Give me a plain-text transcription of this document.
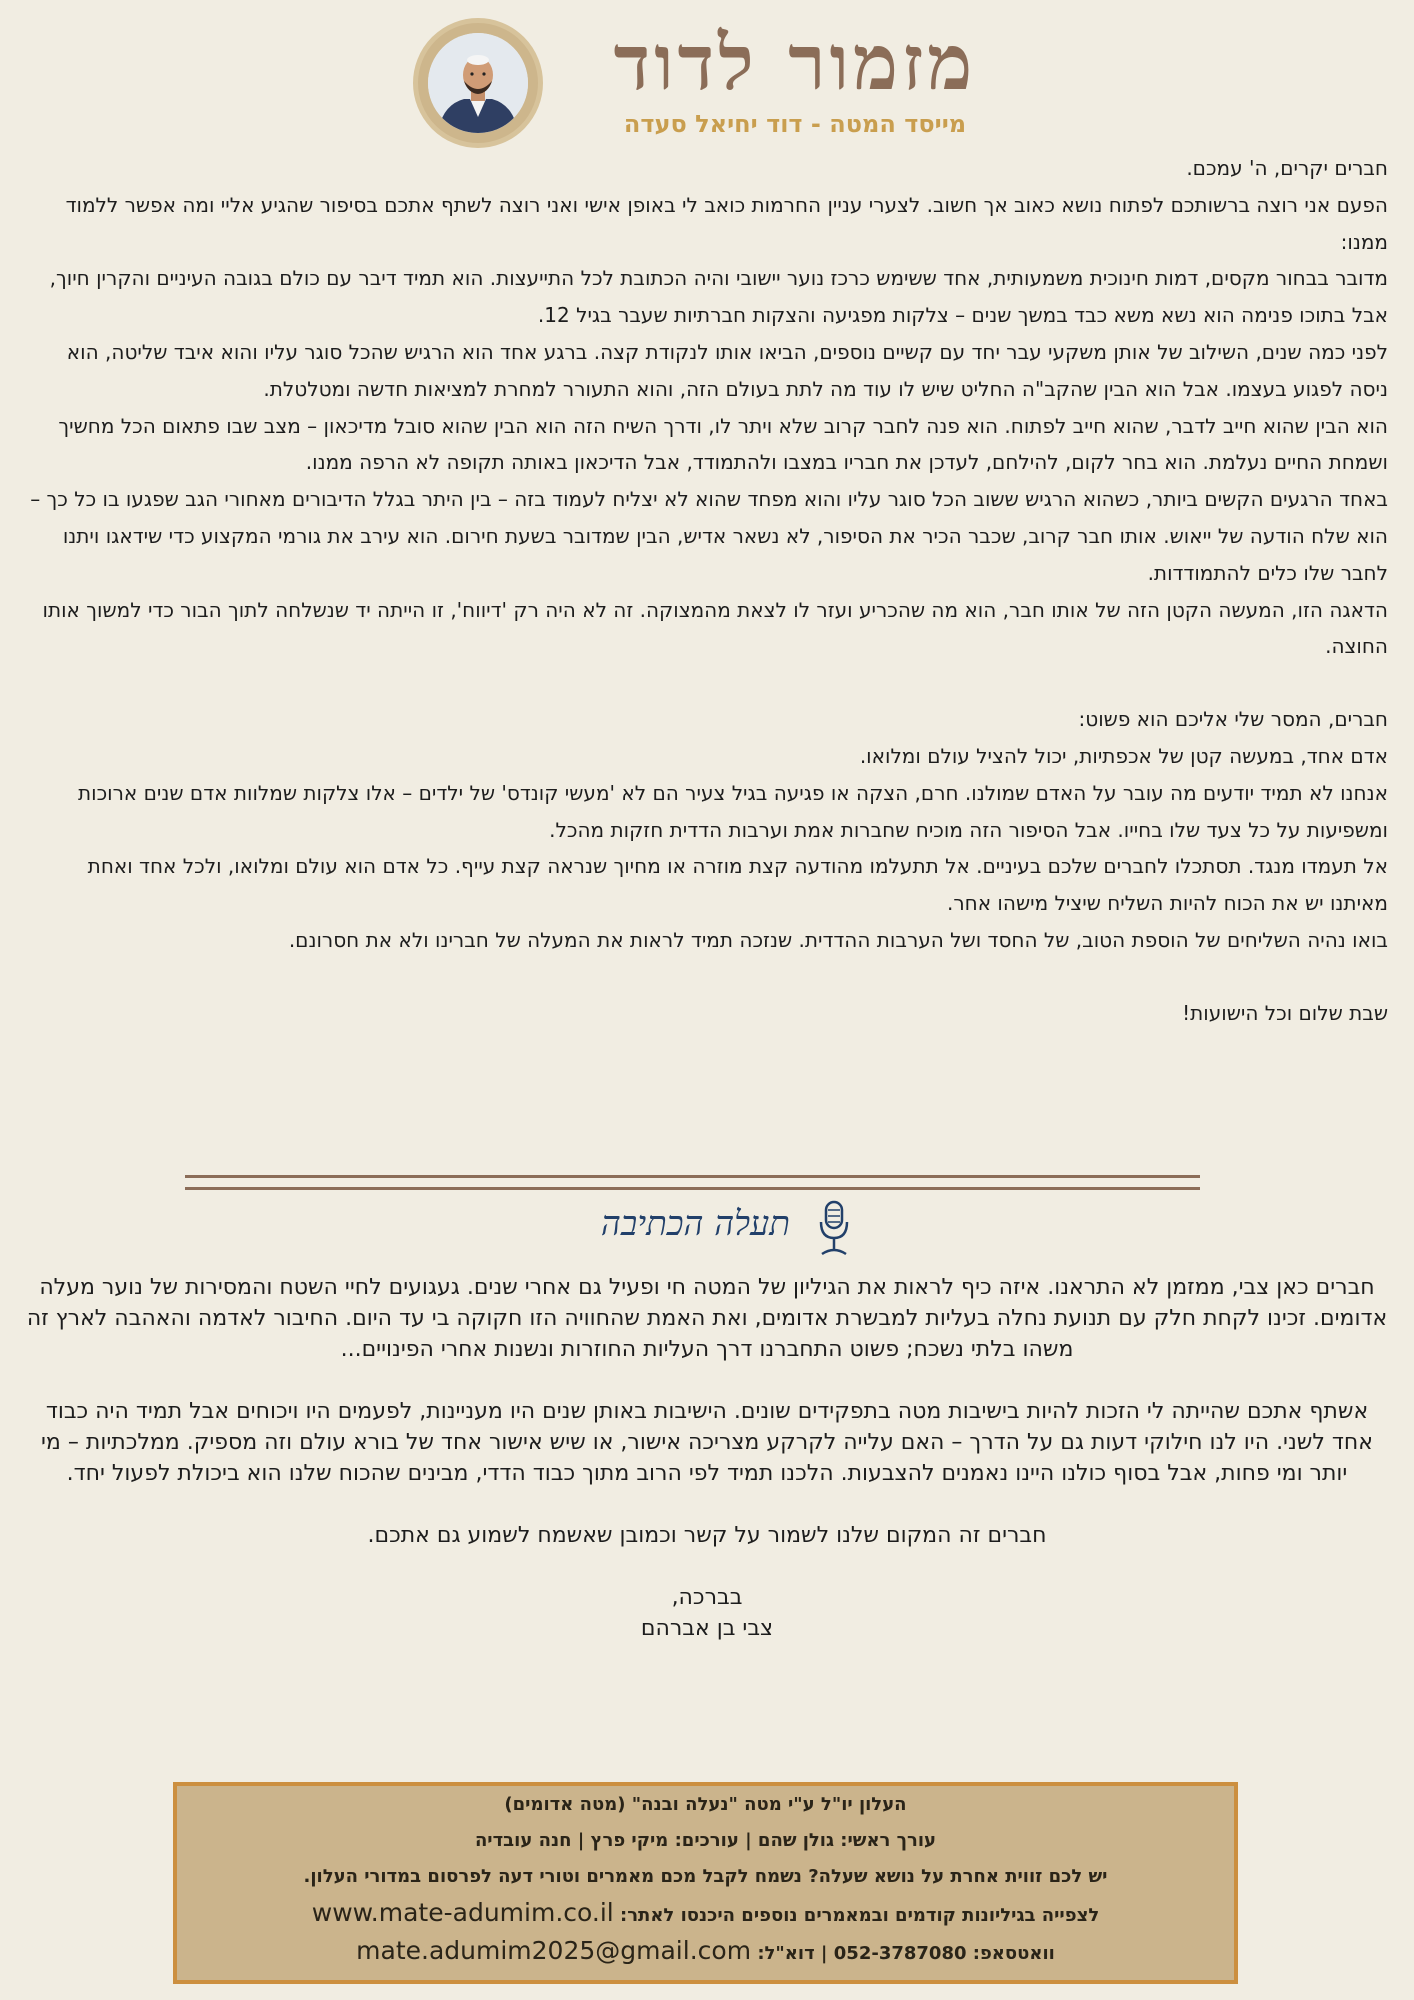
מזמור לדוד
מייסד המטה - דוד יחיאל סעדה

חברים יקרים, ה' עמכם.

הפעם אני רוצה ברשותכם לפתוח נושא כאוב אך חשוב. לצערי עניין החרמות כואב לי באופן אישי ואני רוצה לשתף אתכם בסיפור שהגיע אליי ומה אפשר ללמוד ממנו:

מדובר בבחור מקסים, דמות חינוכית משמעותית, אחד ששימש כרכז נוער יישובי והיה הכתובת לכל התייעצות. הוא תמיד דיבר עם כולם בגובה העיניים והקרין חיוך, אבל בתוכו פנימה הוא נשא משא כבד במשך שנים – צלקות מפגיעה והצקות חברתיות שעבר בגיל 12.

לפני כמה שנים, השילוב של אותן משקעי עבר יחד עם קשיים נוספים, הביאו אותו לנקודת קצה. ברגע אחד הוא הרגיש שהכל סוגר עליו והוא איבד שליטה, הוא ניסה לפגוע בעצמו. אבל הוא הבין שהקב"ה החליט שיש לו עוד מה לתת בעולם הזה, והוא התעורר למחרת למציאות חדשה ומטלטלת.

הוא הבין שהוא חייב לדבר, שהוא חייב לפתוח. הוא פנה לחבר קרוב שלא ויתר לו, ודרך השיח הזה הוא הבין שהוא סובל מדיכאון – מצב שבו פתאום הכל מחשיך ושמחת החיים נעלמת. הוא בחר לקום, להילחם, לעדכן את חבריו במצבו ולהתמודד, אבל הדיכאון באותה תקופה לא הרפה ממנו.

באחד הרגעים הקשים ביותר, כשהוא הרגיש ששוב הכל סוגר עליו והוא מפחד שהוא לא יצליח לעמוד בזה – בין היתר בגלל הדיבורים מאחורי הגב שפגעו בו כל כך – הוא שלח הודעה של ייאוש. אותו חבר קרוב, שכבר הכיר את הסיפור, לא נשאר אדיש, הבין שמדובר בשעת חירום. הוא עירב את גורמי המקצוע כדי שידאגו ויתנו לחבר שלו כלים להתמודדות.

הדאגה הזו, המעשה הקטן הזה של אותו חבר, הוא מה שהכריע ועזר לו לצאת מהמצוקה. זה לא היה רק 'דיווח', זו הייתה יד שנשלחה לתוך הבור כדי למשוך אותו החוצה.

חברים, המסר שלי אליכם הוא פשוט:

אדם אחד, במעשה קטן של אכפתיות, יכול להציל עולם ומלואו.

אנחנו לא תמיד יודעים מה עובר על האדם שמולנו. חרם, הצקה או פגיעה בגיל צעיר הם לא 'מעשי קונדס' של ילדים – אלו צלקות שמלוות אדם שנים ארוכות ומשפיעות על כל צעד שלו בחייו. אבל הסיפור הזה מוכיח שחברות אמת וערבות הדדית חזקות מהכל.

אל תעמדו מנגד. תסתכלו לחברים שלכם בעיניים. אל תתעלמו מהודעה קצת מוזרה או מחיוך שנראה קצת עייף. כל אדם הוא עולם ומלואו, ולכל אחד ואחת מאיתנו יש את הכוח להיות השליח שיציל מישהו אחר.

בואו נהיה השליחים של הוספת הטוב, של החסד ושל הערבות ההדדית. שנזכה תמיד לראות את המעלה של חברינו ולא את חסרונם.

שבת שלום וכל הישועות!

תעלה הכתיבה

חברים כאן צבי, ממזמן לא התראנו. איזה כיף לראות את הגיליון של המטה חי ופעיל גם אחרי שנים. געגועים לחיי השטח והמסירות של נוער מעלה אדומים. זכינו לקחת חלק עם תנועת נחלה בעליות למבשרת אדומים, ואת האמת שהחוויה הזו חקוקה בי עד היום. החיבור לאדמה והאהבה לארץ זה משהו בלתי נשכח; פשוט התחברנו דרך העליות החוזרות ונשנות אחרי הפינויים...

אשתף אתכם שהייתה לי הזכות להיות בישיבות מטה בתפקידים שונים. הישיבות באותן שנים היו מעניינות, לפעמים היו ויכוחים אבל תמיד היה כבוד אחד לשני. היו לנו חילוקי דעות גם על הדרך – האם עלייה לקרקע מצריכה אישור, או שיש אישור אחד של בורא עולם וזה מספיק. ממלכתיות – מי יותר ומי פחות, אבל בסוף כולנו היינו נאמנים להצבעות. הלכנו תמיד לפי הרוב מתוך כבוד הדדי, מבינים שהכוח שלנו הוא ביכולת לפעול יחד.

חברים זה המקום שלנו לשמור על קשר וכמובן שאשמח לשמוע גם אתכם.

בברכה,

צבי בן אברהם

העלון יו"ל ע"י מטה "נעלה ובנה" (מטה אדומים)
עורך ראשי: גולן שהם | עורכים: מיקי פרץ | חנה עובדיה
יש לכם זווית אחרת על נושא שעלה? נשמח לקבל מכם מאמרים וטורי דעה לפרסום במדורי העלון.
לצפייה בגיליונות קודמים ובמאמרים נוספים היכנסו לאתר: www.mate-adumim.co.il
וואטסאפ: 052-3787080 | דוא"ל: mate.adumim2025@gmail.com
